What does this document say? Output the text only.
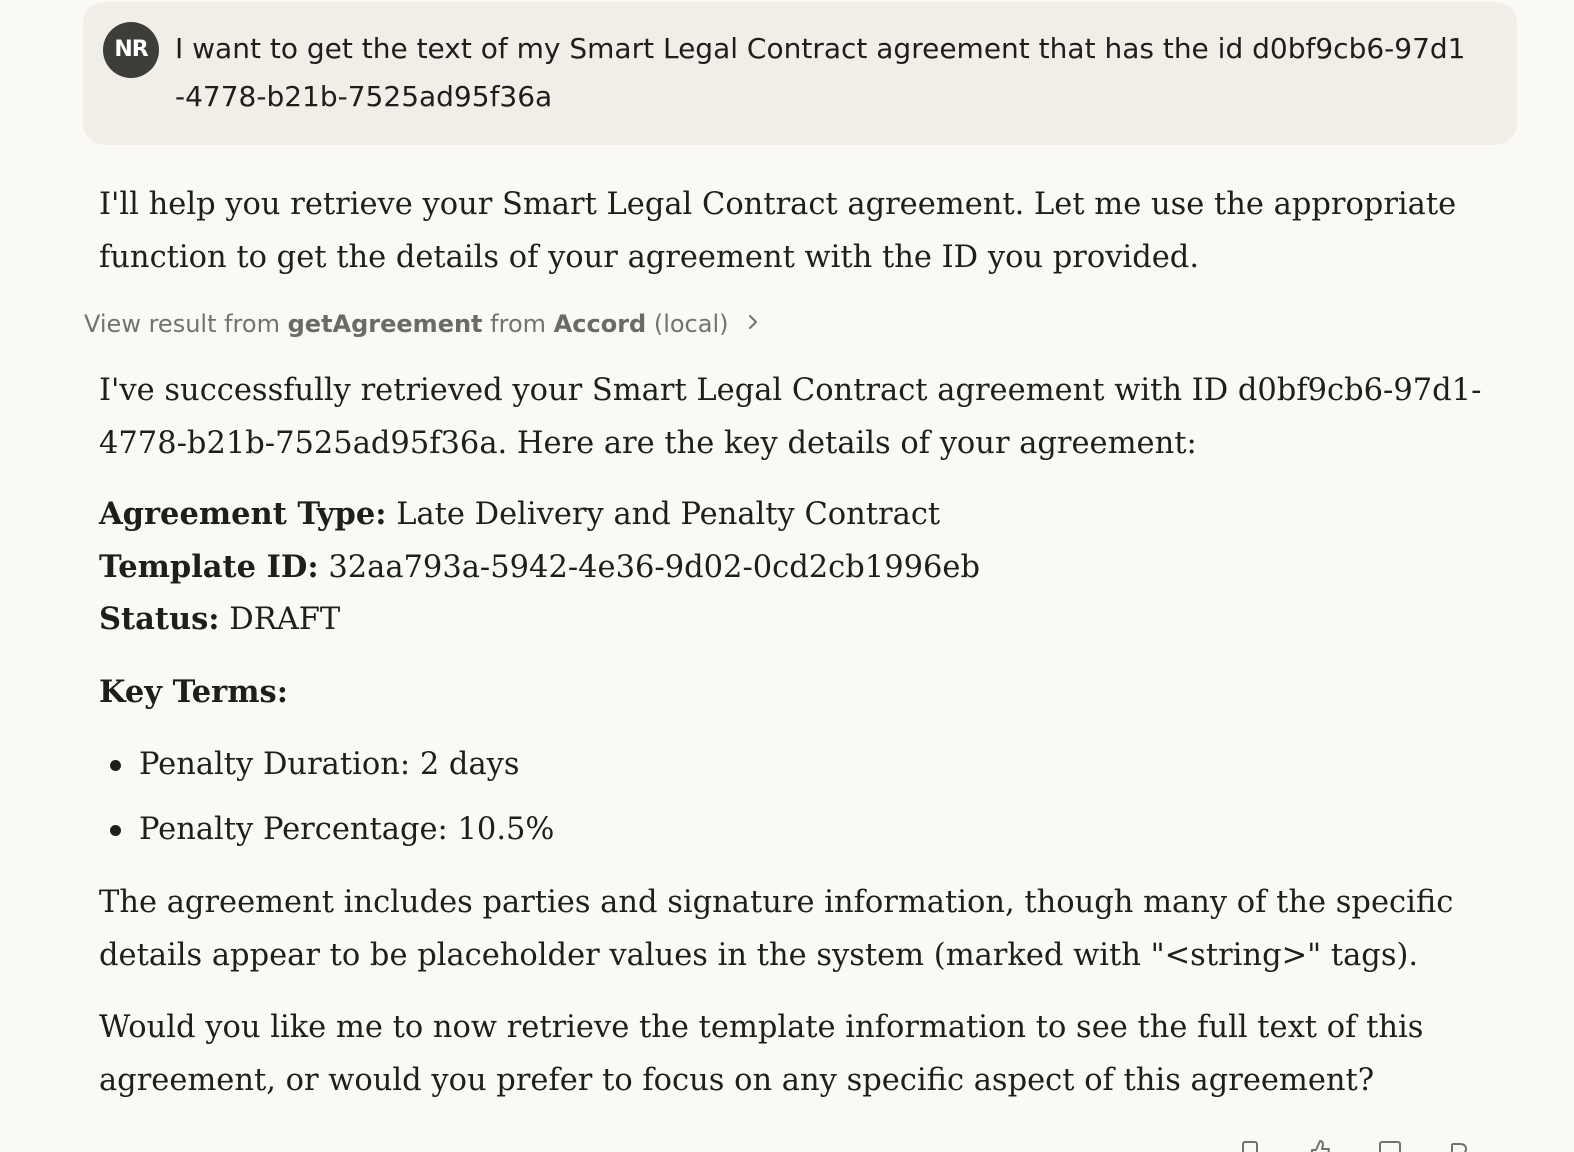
NR I want to get the text of my Smart Legal Contract agreement that has the id d0bf9cb6-97d1-4778-b21b-7525ad95f36a
View result from getAgreement from Accord (local)

I'll help you retrieve your Smart Legal Contract agreement. Let me use the appropriate function to get the details of your agreement with the ID you provided.

I've successfully retrieved your Smart Legal Contract agreement with ID d0bf9cb6-97d1-4778-b21b-7525ad95f36a. Here are the key details of your agreement:

Agreement Type: Late Delivery and Penalty Contract
Template ID: 32aa793a-5942-4e36-9d02-0cd2cb1996eb
Status: DRAFT
Key Terms:
Penalty Duration: 2 days
Penalty Percentage: 10.5%

The agreement includes parties and signature information, though many of the specific details appear to be placeholder values in the system (marked with "<string>" tags).

Would you like me to now retrieve the template information to see the full text of this agreement, or would you prefer to focus on any specific aspect of this agreement?
